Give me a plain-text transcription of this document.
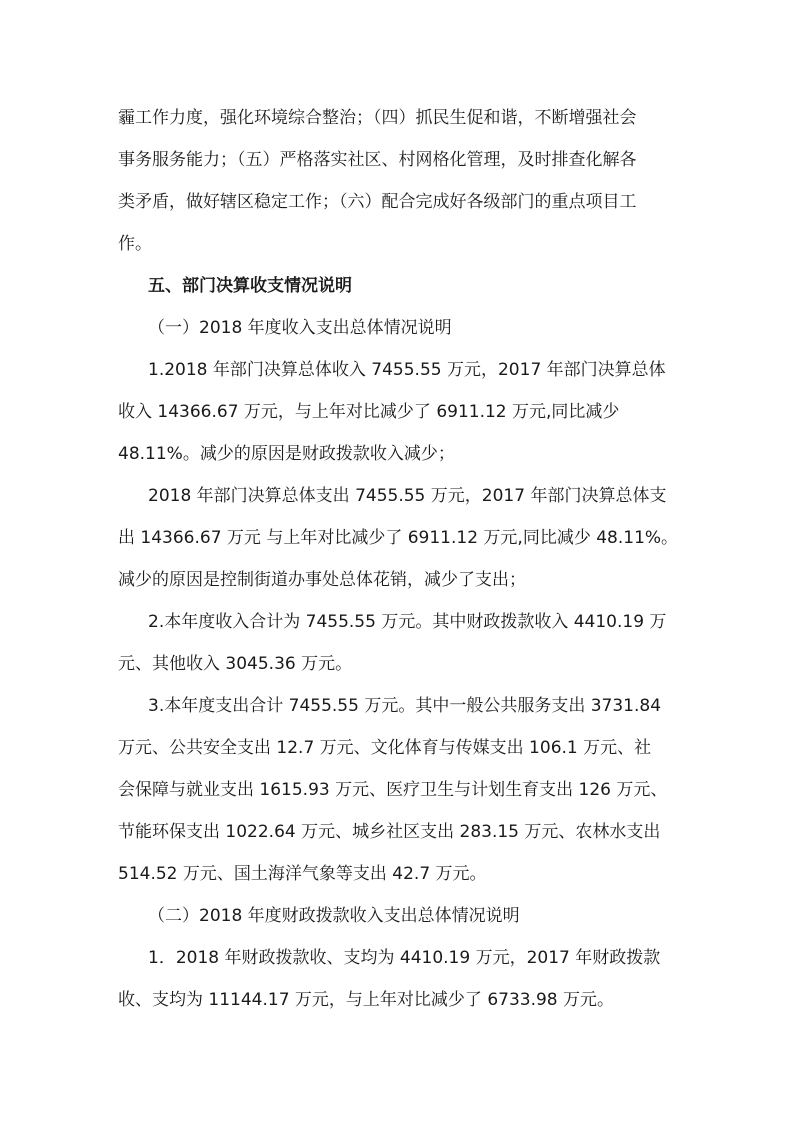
霾工作力度，强化环境综合整治；（四）抓民生促和谐，不断增强社会
事务服务能力；（五）严格落实社区、村网格化管理，及时排查化解各
类矛盾，做好辖区稳定工作；（六）配合完成好各级部门的重点项目工
作。
五、部门决算收支情况说明
（一）2018 年度收入支出总体情况说明
1.2018 年部门决算总体收入 7455.55 万元，2017 年部门决算总体
收入 14366.67 万元，与上年对比减少了 6911.12 万元,同比减少
48.11%。减少的原因是财政拨款收入减少；
2018 年部门决算总体支出 7455.55 万元，2017 年部门决算总体支
出 14366.67 万元 与上年对比减少了 6911.12 万元,同比减少 48.11%。
减少的原因是控制街道办事处总体花销，减少了支出；
2.本年度收入合计为 7455.55 万元。其中财政拨款收入 4410.19 万
元、其他收入 3045.36 万元。
3.本年度支出合计 7455.55 万元。其中一般公共服务支出 3731.84
万元、公共安全支出 12.7 万元、文化体育与传媒支出 106.1 万元、社
会保障与就业支出 1615.93 万元、医疗卫生与计划生育支出 126 万元、
节能环保支出 1022.64 万元、城乡社区支出 283.15 万元、农林水支出
514.52 万元、国土海洋气象等支出 42.7 万元。
（二）2018 年度财政拨款收入支出总体情况说明
1．2018 年财政拨款收、支均为 4410.19 万元，2017 年财政拨款
收、支均为 11144.17 万元，与上年对比减少了 6733.98 万元。
